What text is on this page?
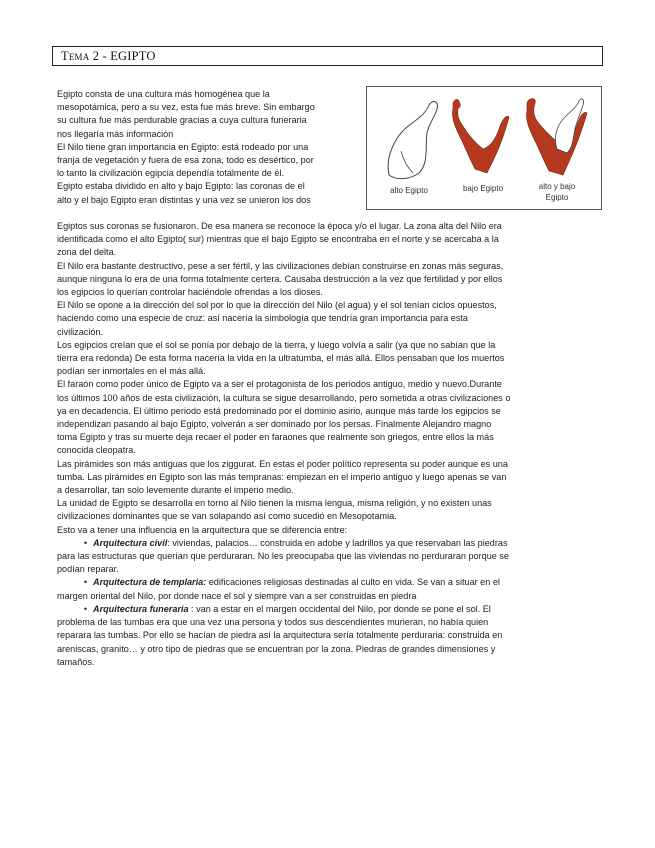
Tema 2 - EGIPTO
Egipto consta de una cultura más homogénea que la
mesopotámica, pero a su vez, esta fue más breve. Sin embargo
su cultura fue más perdurable gracias a cuya cultura funeraria
nos llegaría más información
El Nilo tiene gran importancia en Egipto: está rodeado por una
franja de vegetación y fuera de esa zona, todo es desértico, por
lo tanto la civilización egipcia dependía totalmente de él.
Egipto estaba dividido en alto y bajo Egipto: las coronas de el
alto y el bajo Egipto eran distintas y una vez se unieron los dos
alto Egipto	bajo Egipto	alto y bajo Egipto
Egiptos sus coronas se fusionaron. De esa manera se reconoce la época y/o el lugar. La zona alta del Nilo era
identificada como el alto Egipto( sur) mientras que el bajo Egipto se encontraba en el norte y se acercaba a la
zona del delta.
El Nilo era bastante destructivo, pese a ser fértil, y las civilizaciones debían construirse en zonas más seguras,
aunque ninguna lo era de una forma totalmente certera. Causaba destrucción a la vez que fertilidad y por ellos
los egipcios lo querían controlar haciéndole ofrendas a los dioses.
El Nilo se opone a la dirección del sol por lo que la dirección del Nilo (el agua) y el sol tenían ciclos opuestos,
haciendo como una especie de cruz: así nacería la simbología que tendría gran importancia para esta
civilización.
Los egipcios creían que el sol se ponía por debajo de la tierra, y luego volvía a salir (ya que no sabían que la
tierra era redonda) De esta forma nacería la vida en la ultratumba, el más allá. Ellos pensaban que los muertos
podían ser inmortales en el más allá.
El faraón como poder único de Egipto va a ser el protagonista de los periodos antiguo, medio y nuevo.Durante
los últimos 100 años de esta civilización, la cultura se sigue desarrollando, pero sometida a otras civilizaciones o
ya en decadencia. El último periodo está predominado por el dominio asirio, aunque más tarde los egipcios se
independizan pasando al bajo Egipto, volverán a ser dominado por los persas. Finalmente Alejandro magno
toma Egipto y tras su muerte deja recaer el poder en faraones que realmente son griegos, entre ellos la más
conocida cleopatra.
Las pirámides son más antiguas que los ziggurat. En estas el poder político representa su poder aunque es una
tumba. Las pirámides en Egipto son las más tempranas: empiezan en el imperio antiguo y luego apenas se van
a desarrollar, tan solo levemente durante el imperio medio.
La unidad de Egipto se desarrolla en torno al Nilo tienen la misma lengua, misma religión, y no existen unas
civilizaciones dominantes que se van solapando así como sucedió en Mesopotamia.
Esto va a tener una influencia en la arquitectura que se diferencia entre:
• Arquitectura civil: viviendas, palacios… construida en adobe y ladrillos ya que reservaban las piedras
para las estructuras que querían que perduraran. No les preocupaba que las viviendas no perduraran porque se
podían reparar.
• Arquitectura de templaria: edificaciones religiosas destinadas al culto en vida. Se van a situar en el
margen oriental del Nilo, por donde nace el sol y siempre van a ser construidas en piedra
• Arquitectura funeraria : van a estar en el margen occidental del Nilo, por donde se pone el sol. El
problema de las tumbas era que una vez una persona y todos sus descendientes murieran, no había quien
reparara las tumbas. Por ello se hacían de piedra así la arquitectura sería totalmente perduraria: construida en
areniscas, granito… y otro tipo de piedras que se encuentran por la zona. Piedras de grandes dimensiones y
tamaños.
